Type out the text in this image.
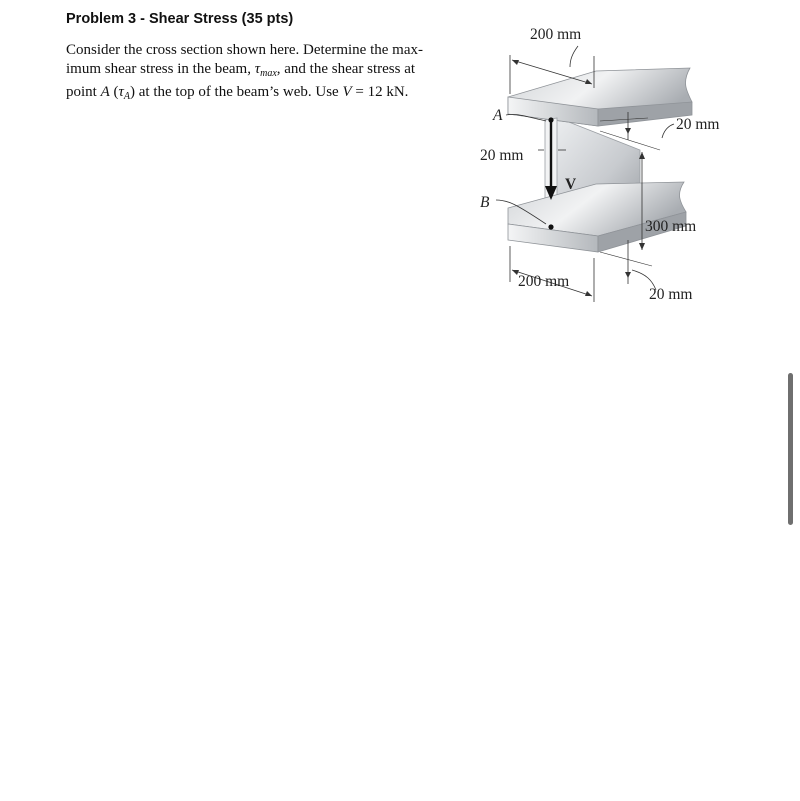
Problem 3 - Shear Stress (35 pts)
Consider the cross section shown here. Determine the max-
imum shear stress in the beam, $\tau_{max}$, and the shear stress at
point A $(\tau_A)$ at the top of the beam’s web. Use V = 12 kN.
200 mm
A
20 mm
20 mm
V
B
300 mm
200 mm
20 mm
